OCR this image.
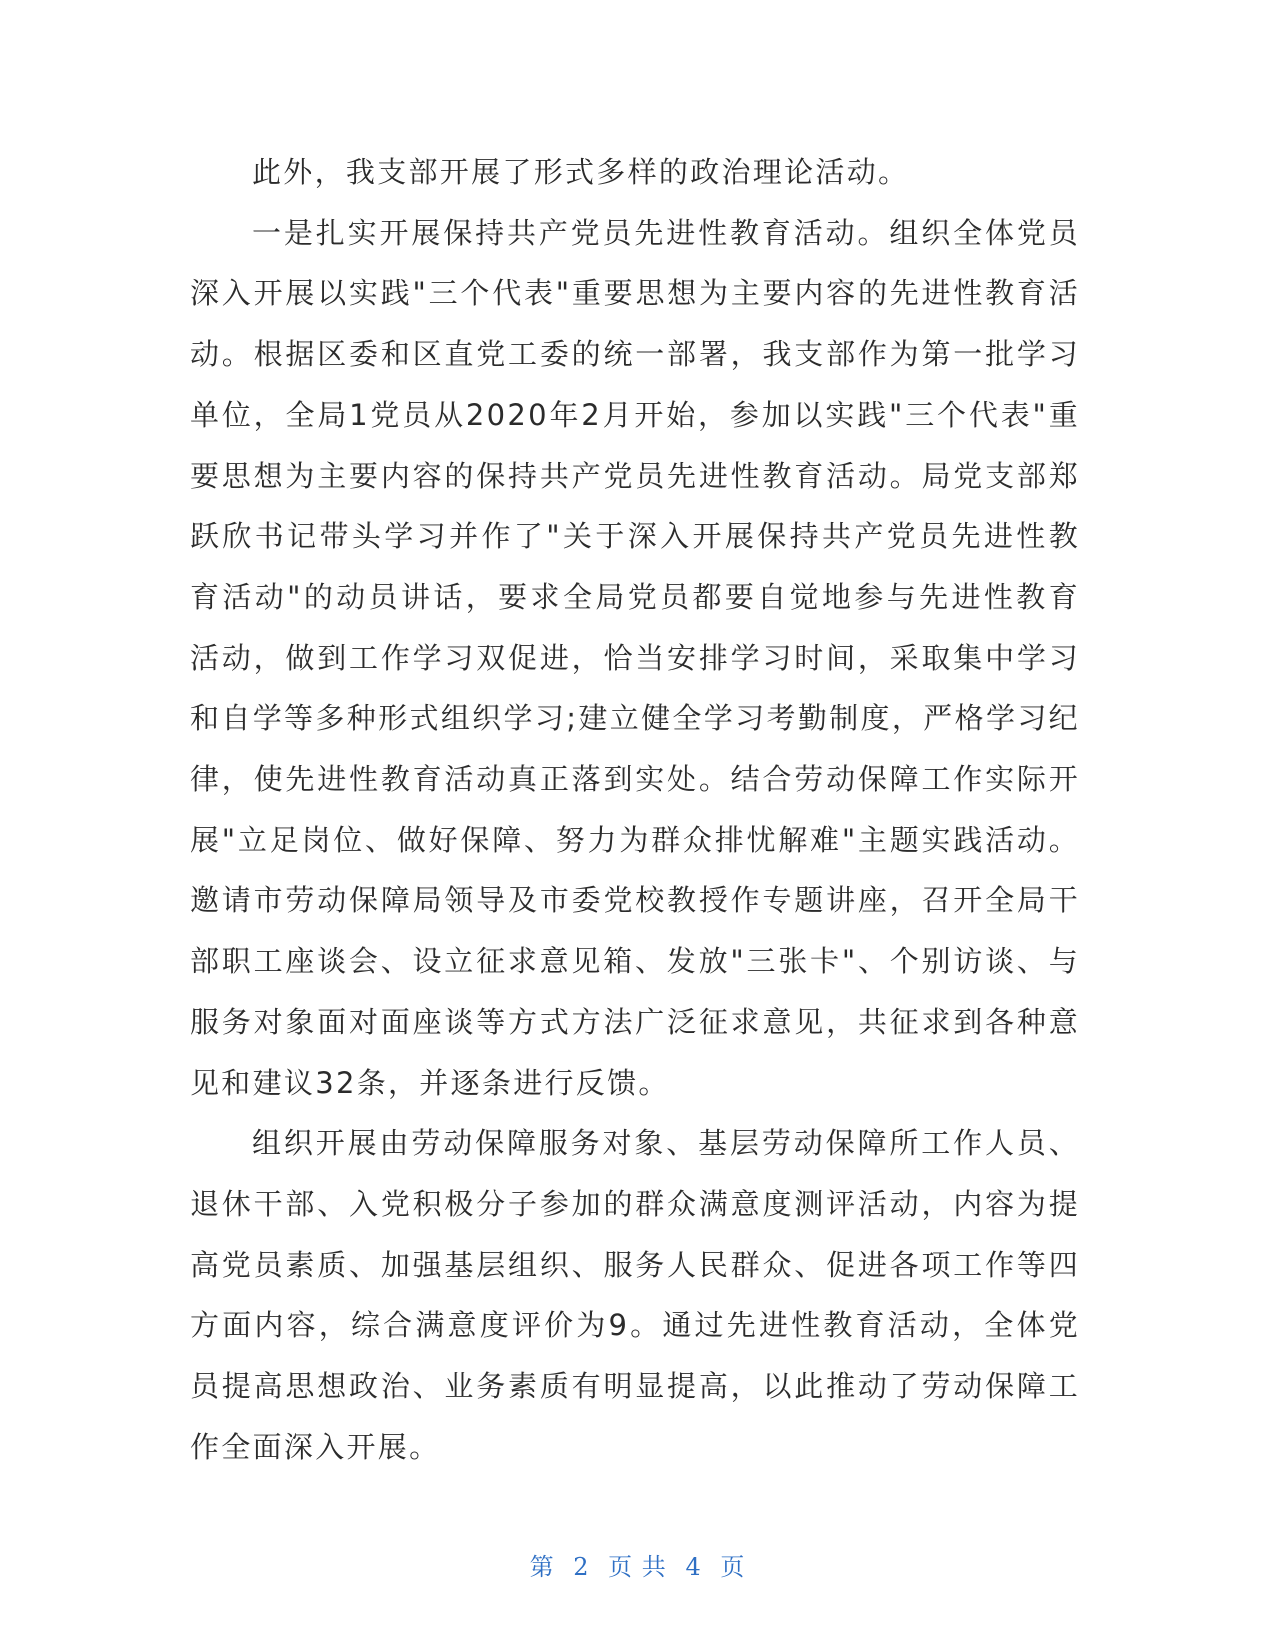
此外，我支部开展了形式多样的政治理论活动。

一是扎实开展保持共产党员先进性教育活动。组织全体党员深入开展以实践"三个代表"重要思想为主要内容的先进性教育活动。根据区委和区直党工委的统一部署，我支部作为第一批学习单位，全局1党员从2020年2月开始，参加以实践"三个代表"重要思想为主要内容的保持共产党员先进性教育活动。局党支部郑跃欣书记带头学习并作了"关于深入开展保持共产党员先进性教育活动"的动员讲话，要求全局党员都要自觉地参与先进性教育活动，做到工作学习双促进，恰当安排学习时间，采取集中学习和自学等多种形式组织学习;建立健全学习考勤制度，严格学习纪律，使先进性教育活动真正落到实处。结合劳动保障工作实际开展"立足岗位、做好保障、努力为群众排忧解难"主题实践活动。邀请市劳动保障局领导及市委党校教授作专题讲座，召开全局干部职工座谈会、设立征求意见箱、发放"三张卡"、个别访谈、与服务对象面对面座谈等方式方法广泛征求意见，共征求到各种意见和建议32条，并逐条进行反馈。

组织开展由劳动保障服务对象、基层劳动保障所工作人员、退休干部、入党积极分子参加的群众满意度测评活动，内容为提高党员素质、加强基层组织、服务人民群众、促进各项工作等四方面内容，综合满意度评价为9。通过先进性教育活动，全体党员提高思想政治、业务素质有明显提高，以此推动了劳动保障工作全面深入开展。

第 2 页 共 4 页
